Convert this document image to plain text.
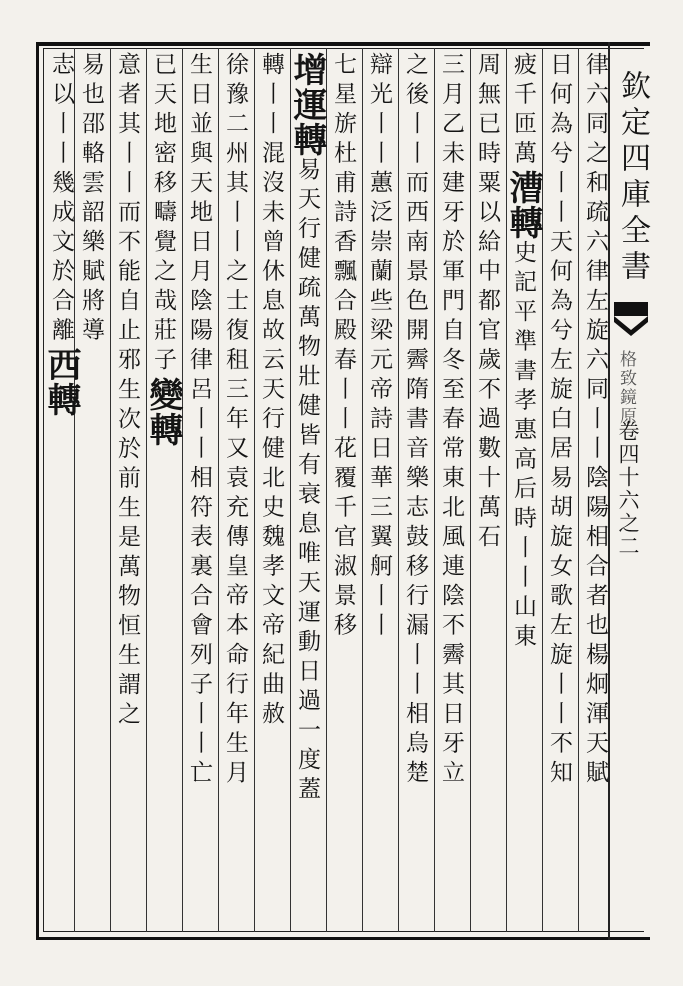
欽定四庫全書
格致鏡原
卷四十六之二
律六同之和疏六律左旋六同丨丨陰陽相合者也楊炯渾天賦
日何為兮丨丨天何為兮左旋白居易胡旋女歌左旋丨丨不知
疲千匝萬
漕轉
史記平準書孝惠高后時丨丨山東
周無已時
粟以給中都官歲不過數十萬石
三月乙未建牙於軍門自冬至春常東北風連陰不霽其日牙立
之後丨丨而西南景色開霽隋書音樂志鼓移行漏丨丨相烏楚
辯光丨丨蕙泛崇蘭些梁元帝詩日華三翼舸丨丨
七星旂杜甫詩香飄合殿春丨丨花覆千官淑景移
增運轉
易天行健疏萬物壯健皆有衰息唯天運動日過一度蓋
轉丨丨混沒未曾休息故云天行健北史魏孝文帝紀曲赦
徐豫二州其丨丨之士復租三年又袁充傳皇帝本命行年生月
生日並與天地日月陰陽律呂丨丨相符表裏合會列子丨丨亡
已天地密移疇覺之哉莊子
變轉
意者其丨丨而不能自止邪
生次於前生是萬物恒生謂之
易也邵輅雲韶樂賦將導
志以丨丨幾成文於合離
西轉
